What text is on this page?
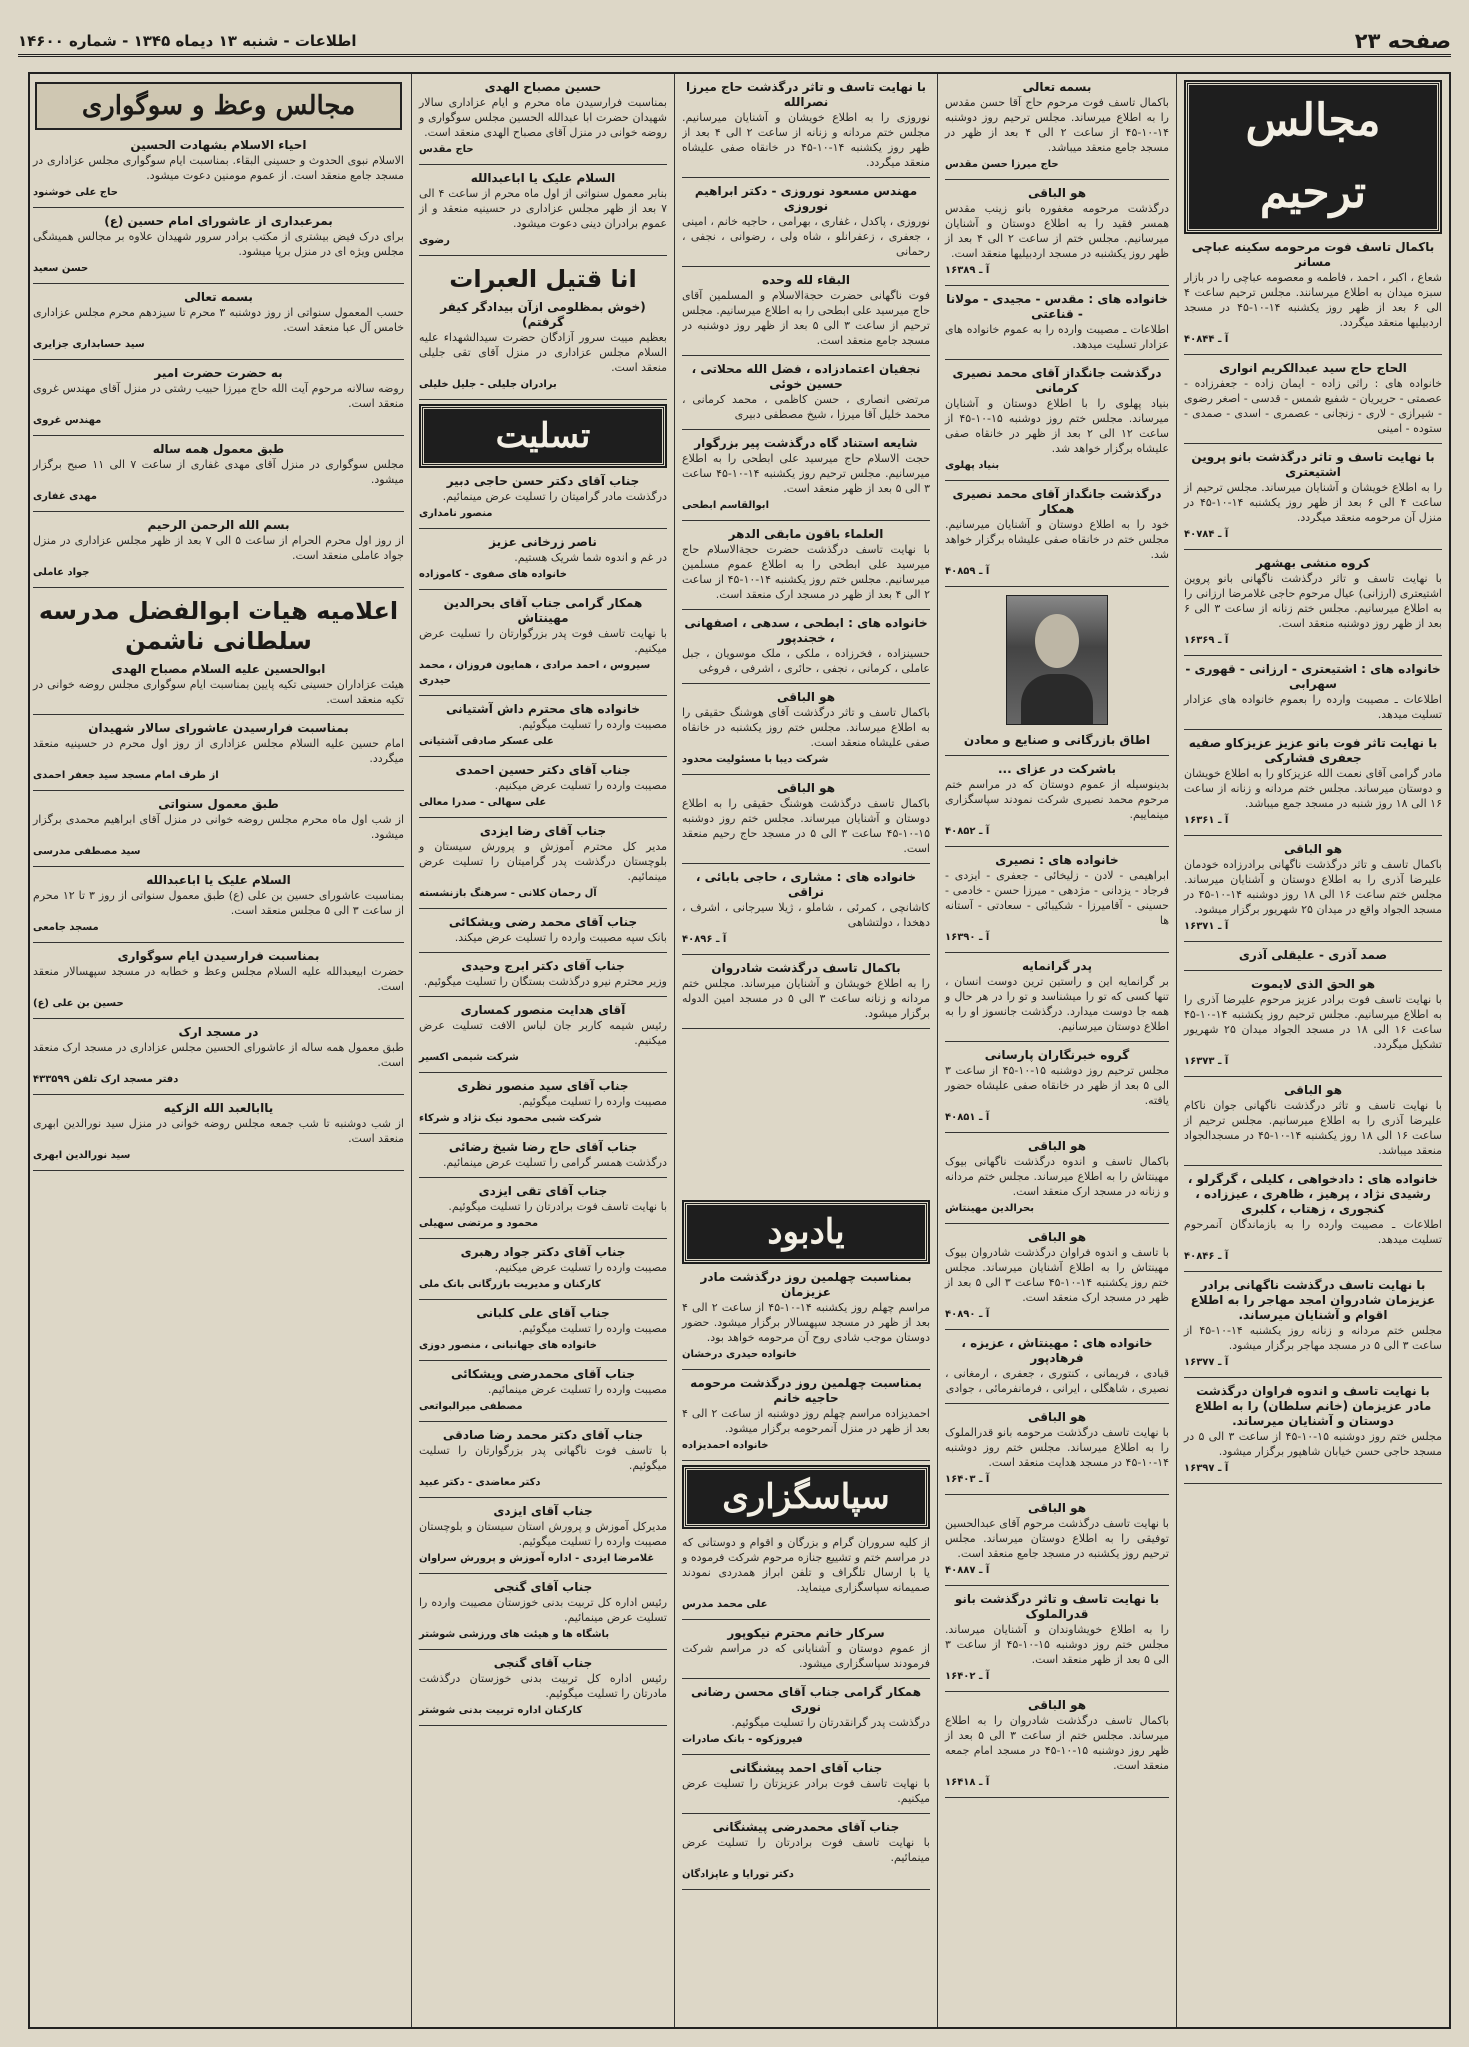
صفحه ۲۳
اطلاعات - شنبه ۱۳ دیماه ۱۳۴۵ - شماره ۱۴۶۰۰
مجالس ترحیم
باکمال تاسف فوت مرحومه سکینه عباچی مسانر
شعاع ، اکبر ، احمد ، فاطمه و معصومه عباچی را در بازار سبزه میدان به اطلاع میرسانند. مجلس ترحیم ساعت ۴ الی ۶ بعد از ظهر روز یکشنبه ۱۴-۱۰-۴۵ در مسجد اردبیلیها منعقد میگردد.
آ ـ ۴۰۸۴۴
الحاج حاج سید عبدالکریم انواری
خانواده های : راثی زاده - ایمان زاده - جعفرزاده - عصمتی - حریریان - شفیع شمس - قدسی - اصغر رضوی - شیرازی - لاری - زنجانی - عصمری - اسدی - صمدی - ستوده - امینی
با نهایت تاسف و تاثر درگذشت بانو پروین اشتیعتری
را به اطلاع خویشان و آشنایان میرساند. مجلس ترحیم از ساعت ۴ الی ۶ بعد از ظهر روز یکشنبه ۱۴-۱۰-۴۵ در منزل آن مرحومه منعقد میگردد.
آ ـ ۴۰۷۸۴
کروه منشی بهشهر
با نهایت تاسف و تاثر درگذشت ناگهانی بانو پروین اشتیعتری (ارزانی) عیال مرحوم حاجی غلامرضا ارزانی را به اطلاع میرسانیم. مجلس ختم زنانه از ساعت ۳ الی ۶ بعد از ظهر روز دوشنبه منعقد است.
آ ـ ۱۶۳۶۹
خانواده های : اشتیعتری - ارزانی - قهوری - سهرابی
اطلاعات ـ مصیبت وارده را بعموم خانواده های عزادار تسلیت میدهد.
با نهایت تاثر فوت بانو عزیز عزیزکاو صفیه جعفری فشارکی
مادر گرامی آقای نعمت الله عزیزکاو را به اطلاع خویشان و دوستان میرساند. مجلس ختم مردانه و زنانه از ساعت ۱۶ الی ۱۸ روز شنبه در مسجد جمع میباشد.
آ ـ ۱۶۳۶۱
هو الباقی
باکمال تاسف و تاثر درگذشت ناگهانی برادرزاده خودمان علیرضا آذری را به اطلاع دوستان و آشنایان میرساند. مجلس ختم ساعت ۱۶ الی ۱۸ روز دوشنبه ۱۴-۱۰-۴۵ در مسجد الجواد واقع در میدان ۲۵ شهریور برگزار میشود.
آ ـ ۱۶۳۷۱
صمد آذری - علیقلی آذری
هو الحق الذی لایموت
با نهایت تاسف فوت برادر عزیز مرحوم علیرضا آذری را به اطلاع میرسانیم. مجلس ترحیم روز یکشنبه ۱۴-۱۰-۴۵ ساعت ۱۶ الی ۱۸ در مسجد الجواد میدان ۲۵ شهریور تشکیل میگردد.
آ ـ ۱۶۳۷۳
هو الباقی
با نهایت تاسف و تاثر درگذشت ناگهانی جوان ناکام علیرضا آذری را به اطلاع میرسانیم. مجلس ترحیم از ساعت ۱۶ الی ۱۸ روز یکشنبه ۱۴-۱۰-۴۵ در مسجدالجواد منعقد میباشد.
خانواده های : دادخواهی ، کلیلی ، گرگرلو ، رشیدی نژاد ، پرهیز ، ظاهری ، عیززاده ، کنجوری ، زهتاب ، کلبری
اطلاعات ـ مصیبت وارده را به بازماندگان آنمرحوم تسلیت میدهد.
آ ـ ۴۰۸۴۶
با نهایت تاسف درگذشت ناگهانی برادر عزیزمان شادروان امجد مهاجر را به اطلاع اقوام و آشنایان میرساند.
مجلس ختم مردانه و زنانه روز یکشنبه ۱۴-۱۰-۴۵ از ساعت ۳ الی ۵ در مسجد مهاجر برگزار میشود.
آ ـ ۱۶۳۷۷
با نهایت تاسف و اندوه فراوان درگذشت مادر عزیزمان (خانم سلطان) را به اطلاع دوستان و آشنایان میرساند.
مجلس ختم روز دوشنبه ۱۵-۱۰-۴۵ از ساعت ۳ الی ۵ در مسجد حاجی حسن خیابان شاهپور برگزار میشود.
آ ـ ۱۶۳۹۷
بسمه تعالی
باکمال تاسف فوت مرحوم حاج آقا حسن مقدس را به اطلاع میرساند. مجلس ترحیم روز دوشنبه ۱۴-۱۰-۴۵ از ساعت ۲ الی ۴ بعد از ظهر در مسجد جامع منعقد میباشد.
حاج میرزا حسن مقدس
هو الباقی
درگذشت مرحومه مغفوره بانو زینب مقدس همسر فقید را به اطلاع دوستان و آشنایان میرسانیم. مجلس ختم از ساعت ۲ الی ۴ بعد از ظهر روز یکشنبه در مسجد اردبیلیها منعقد است.
آ ـ ۱۶۳۸۹
خانواده های : مقدس - مجیدی - مولانا - قناعتی
اطلاعات ـ مصیبت وارده را به عموم خانواده های عزادار تسلیت میدهد.
درگذشت جانگداز آقای محمد نصیری کرمانی
بنیاد پهلوی را با اطلاع دوستان و آشنایان میرساند. مجلس ختم روز دوشنبه ۱۵-۱۰-۴۵ از ساعت ۱۲ الی ۲ بعد از ظهر در خانقاه صفی علیشاه برگزار خواهد شد.
بنیاد پهلوی
درگذشت جانگداز آقای محمد نصیری همکار
خود را به اطلاع دوستان و آشنایان میرسانیم. مجلس ختم در خانقاه صفی علیشاه برگزار خواهد شد.
آ ـ ۴۰۸۵۹
اطاق بازرگانی و صنایع و معادن
باشرکت در عزای ...
بدینوسیله از عموم دوستان که در مراسم ختم مرحوم محمد نصیری شرکت نمودند سپاسگزاری مینماییم.
آ ـ ۴۰۸۵۲
خانواده های : نصیری
ابراهیمی - لادن - زلیخائی - جعفری - ایزدی - فرجاد - یزدانی - مژدهی - میرزا حسن - خادمی - حسینی - آقامیرزا - شکیبائی - سعادتی - آستانه ها
آ ـ ۱۶۳۹۰
پدر گرانمایه
بر گرانمایه این و راستین ترین دوست انسان ، تنها کسی که تو را میشناسد و تو را در هر حال و همه جا دوست میدارد. درگذشت جانسوز او را به اطلاع دوستان میرسانیم.
گروه خبرنگاران پارسانی
مجلس ترحیم روز دوشنبه ۱۵-۱۰-۴۵ از ساعت ۳ الی ۵ بعد از ظهر در خانقاه صفی علیشاه حضور یافته.
آ ـ ۴۰۸۵۱
هو الباقی
باکمال تاسف و اندوه درگذشت ناگهانی بیوک مهینتاش را به اطلاع میرساند. مجلس ختم مردانه و زنانه در مسجد ارک منعقد است.
بحرالدین مهینتاش
هو الباقی
با تاسف و اندوه فراوان درگذشت شادروان بیوک مهینتاش را به اطلاع آشنایان میرساند. مجلس ختم روز یکشنبه ۱۴-۱۰-۴۵ ساعت ۳ الی ۵ بعد از ظهر در مسجد ارک منعقد است.
آ ـ ۴۰۸۹۰
خانواده های : مهینتاش ، عزیزه ، فرهادپور
قبادی ، فریمانی ، کنتوری ، جعفری ، ارمغانی ، نصیری ، شاهگلی ، ایرانی ، فرمانفرمائی ، جوادی
هو الباقی
با نهایت تاسف درگذشت مرحومه بانو قدرالملوک را به اطلاع میرساند. مجلس ختم روز دوشنبه ۱۴-۱۰-۴۵ در مسجد هدایت منعقد است.
آ ـ ۱۶۴۰۳
هو الباقی
با نهایت تاسف درگذشت مرحوم آقای عبدالحسین توفیقی را به اطلاع دوستان میرساند. مجلس ترحیم روز یکشنبه در مسجد جامع منعقد است.
آ ـ ۴۰۸۸۷
با نهایت تاسف و تاثر درگذشت بانو قدرالملوک
را به اطلاع خویشاوندان و آشنایان میرساند. مجلس ختم روز دوشنبه ۱۵-۱۰-۴۵ از ساعت ۳ الی ۵ بعد از ظهر منعقد است.
آ ـ ۱۶۴۰۲
هو الباقی
باکمال تاسف درگذشت شادروان را به اطلاع میرساند. مجلس ختم از ساعت ۳ الی ۵ بعد از ظهر روز دوشنبه ۱۵-۱۰-۴۵ در مسجد امام جمعه منعقد است.
آ ـ ۱۶۴۱۸
با نهایت تاسف و تاثر درگذشت حاج میرزا نصرالله
نوروزی را به اطلاع خویشان و آشنایان میرسانیم. مجلس ختم مردانه و زنانه از ساعت ۲ الی ۴ بعد از ظهر روز یکشنبه ۱۴-۱۰-۴۵ در خانقاه صفی علیشاه منعقد میگردد.
مهندس مسعود نوروزی - دکتر ابراهیم نوروزی
نوروزی ، پاکدل ، غفاری ، بهرامی ، حاجیه خانم ، امینی ، جعفری ، زعفرانلو ، شاه ولی ، رضوانی ، نجفی ، رحمانی
البقاء لله وحده
فوت ناگهانی حضرت حجةالاسلام و المسلمین آقای حاج میرسید علی ابطحی را به اطلاع میرسانیم. مجلس ترحیم از ساعت ۳ الی ۵ بعد از ظهر روز دوشنبه در مسجد جامع منعقد است.
نجفیان اعتمادزاده ، فضل الله محلاتی ، حسین خوئی
مرتضی انصاری ، حسن کاظمی ، محمد کرمانی ، محمد خلیل آقا میرزا ، شیخ مصطفی دبیری
شایعه استناد گاه درگذشت پیر بزرگوار
حجت الاسلام حاج میرسید علی ابطحی را به اطلاع میرسانیم. مجلس ترحیم روز یکشنبه ۱۴-۱۰-۴۵ ساعت ۳ الی ۵ بعد از ظهر منعقد است.
ابوالقاسم ابطحی
العلماء باقون مابقی الدهر
با نهایت تاسف درگذشت حضرت حجةالاسلام حاج میرسید علی ابطحی را به اطلاع عموم مسلمین میرسانیم. مجلس ختم روز یکشنبه ۱۴-۱۰-۴۵ از ساعت ۲ الی ۴ بعد از ظهر در مسجد ارک منعقد است.
خانواده های : ابطحی ، سدهی ، اصفهانی ، خجندپور
حسینزاده ، فخرزاده ، ملکی ، ملک موسویان ، جبل عاملی ، کرمانی ، نجفی ، حائری ، اشرفی ، فروغی
هو الباقی
باکمال تاسف و تاثر درگذشت آقای هوشنگ حقیقی را به اطلاع میرساند. مجلس ختم روز یکشنبه در خانقاه صفی علیشاه منعقد است.
شرکت دیبا با مسئولیت محدود
هو الباقی
باکمال تاسف درگذشت هوشنگ حقیقی را به اطلاع دوستان و آشنایان میرساند. مجلس ختم روز دوشنبه ۱۵-۱۰-۴۵ ساعت ۳ الی ۵ در مسجد حاج رحیم منعقد است.
خانواده های : مشاری ، حاجی بابائی ، نراقی
کاشانچی ، کمرئی ، شاملو ، ژیلا سیرجانی ، اشرف ، دهخدا ، دولتشاهی
آ ـ ۴۰۸۹۶
باکمال تاسف درگذشت شادروان
را به اطلاع خویشان و آشنایان میرساند. مجلس ختم مردانه و زنانه ساعت ۳ الی ۵ در مسجد امین الدوله برگزار میشود.
یادبود
بمناسبت چهلمین روز درگذشت مادر عزیزمان
مراسم چهلم روز یکشنبه ۱۴-۱۰-۴۵ از ساعت ۲ الی ۴ بعد از ظهر در مسجد سپهسالار برگزار میشود. حضور دوستان موجب شادی روح آن مرحومه خواهد بود.
خانواده حیدری درخشان
بمناسبت چهلمین روز درگذشت مرحومه حاجیه خانم
احمدیزاده مراسم چهلم روز دوشنبه از ساعت ۲ الی ۴ بعد از ظهر در منزل آنمرحومه برگزار میشود.
خانواده احمدیزاده
سپاسگزاری
از کلیه سروران گرام و بزرگان و اقوام و دوستانی که در مراسم ختم و تشییع جنازه مرحوم شرکت فرموده و یا با ارسال تلگراف و تلفن ابراز همدردی نمودند صمیمانه سپاسگزاری مینماید.
علی محمد مدرس
سرکار خانم محترم نیکوپور
از عموم دوستان و آشنایانی که در مراسم شرکت فرمودند سپاسگزاری میشود.
همکار گرامی جناب آقای محسن رضانی نوری
درگذشت پدر گرانقدرتان را تسلیت میگوئیم.
فیروزکوه - بانک صادرات
جناب آقای احمد پیشنگانی
با نهایت تاسف فوت برادر عزیزتان را تسلیت عرض میکنیم.
جناب آقای محمدرضی پیشنگانی
با نهایت تاسف فوت برادرتان را تسلیت عرض مینمائیم.
دکتر تورایا و عاپزادگان
حسین مصباح الهدی
بمناسبت فرارسیدن ماه محرم و ایام عزاداری سالار شهیدان حضرت ابا عبدالله الحسین مجلس سوگواری و روضه خوانی در منزل آقای مصباح الهدی منعقد است.
حاج مقدس
السلام علیک یا اباعبدالله
بنابر معمول سنواتی از اول ماه محرم از ساعت ۴ الی ۷ بعد از ظهر مجلس عزاداری در حسینیه منعقد و از عموم برادران دینی دعوت میشود.
رضوی
انا قتیل العبرات
(خوش بمظلومی ازآن بیدادگر کیفر گرفتم)
بعظیم مییت سرور آزادگان حضرت سیدالشهداء علیه السلام مجلس عزاداری در منزل آقای تقی جلیلی منعقد است.
برادران جلیلی - جلیل خلیلی
تسلیت
جناب آقای دکتر حسن حاجی دبیر
درگذشت مادر گرامیتان را تسلیت عرض مینمائیم.
منصور نامداری
ناصر زرخانی عزیز
در غم و اندوه شما شریک هستیم.
خانواده های صفوی - کاموزاده
همکار گرامی جناب آقای بحرالدین مهینتاش
با نهایت تاسف فوت پدر بزرگوارتان را تسلیت عرض میکنیم.
سیروس ، احمد مرادی ، همایون فروزان ، محمد حیدری
خانواده های محترم داش آشتیانی
مصیبت وارده را تسلیت میگوئیم.
علی عسکر صادقی آشتیانی
جناب آقای دکتر حسین احمدی
مصیبت وارده را تسلیت عرض میکنیم.
علی سهالی - صدرا معالی
جناب آقای رضا ایزدی
مدیر کل محترم آموزش و پرورش سیستان و بلوچستان درگذشت پدر گرامیتان را تسلیت عرض مینمائیم.
آل رحمان کلانی - سرهنگ بازنشسته
جناب آقای محمد رضی ویشکائی
بانک سپه مصیبت وارده را تسلیت عرض میکند.
جناب آقای دکتر ابرج وحیدی
وزیر محترم نیرو درگذشت بستگان را تسلیت میگوئیم.
آقای هدایت منصور کمساری
رئیس شیمه کاربر جان لباس الافت تسلیت عرض میکنیم.
شرکت شیمی اکسیر
جناب آقای سید منصور نظری
مصیبت وارده را تسلیت میگوئیم.
شرکت شبی محمود نیک نژاد و شرکاء
جناب آقای حاج رضا شیخ رضائی
درگذشت همسر گرامی را تسلیت عرض مینمائیم.
جناب آقای تقی ایزدی
با نهایت تاسف فوت برادرتان را تسلیت میگوئیم.
محمود و مرتضی سهیلی
جناب آقای دکتر جواد رهبری
مصیبت وارده را تسلیت عرض میکنیم.
کارکنان و مدیریت بازرگانی بانک ملی
جناب آقای علی کلبانی
مصیبت وارده را تسلیت میگوئیم.
خانواده های جهانبانی ، منصور دوزی
جناب آقای محمدرضی ویشکائی
مصیبت وارده را تسلیت عرض مینمائیم.
مصطفی میرالبواتعی
جناب آقای دکتر محمد رضا صادقی
با تاسف فوت ناگهانی پدر بزرگوارتان را تسلیت میگوئیم.
دکتر معاضدی - دکتر عبید
جناب آقای ایزدی
مدیرکل آموزش و پرورش استان سیستان و بلوچستان مصیبت وارده را تسلیت میگوئیم.
غلامرضا ایزدی - اداره آموزش و پرورش سراوان
جناب آقای گنجی
رئیس اداره کل تربیت بدنی خوزستان مصیبت وارده را تسلیت عرض مینمائیم.
باشگاه ها و هیئت های ورزشی شوشتر
جناب آقای گنجی
رئیس اداره کل تربیت بدنی خوزستان درگذشت مادرتان را تسلیت میگوئیم.
کارکنان اداره تربیت بدنی شوشتر
مجالس وعظ و سوگواری
احیاء الاسلام بشهادت الحسین
الاسلام نبوی الحدوث و حسینی البقاء. بمناسبت ایام سوگواری مجلس عزاداری در مسجد جامع منعقد است. از عموم مومنین دعوت میشود.
حاج علی خوشنود
بمرعبداری از عاشورای امام حسین (ع)
برای درک فیض بیشتری از مکتب برادر سرور شهیدان علاوه بر مجالس همیشگی مجلس ویژه ای در منزل برپا میشود.
حسن سعید
بسمه تعالی
حسب المعمول سنواتی از روز دوشنبه ۳ محرم تا سیزدهم محرم مجلس عزاداری خامس آل عبا منعقد است.
سید حسابداری جزایری
به حضرت حضرت امیر
روضه سالانه مرحوم آیت الله حاج میرزا حبیب رشتی در منزل آقای مهندس غروی منعقد است.
مهندس غروی
طبق معمول همه ساله
مجلس سوگواری در منزل آقای مهدی غفاری از ساعت ۷ الی ۱۱ صبح برگزار میشود.
مهدی غفاری
بسم الله الرحمن الرحیم
از روز اول محرم الحرام از ساعت ۵ الی ۷ بعد از ظهر مجلس عزاداری در منزل جواد عاملی منعقد است.
جواد عاملی
اعلامیه هیات ابوالفضل مدرسه سلطانی ناشمن
ابوالحسین علیه السلام مصباح الهدی
هیئت عزاداران حسینی تکیه پایین بمناسبت ایام سوگواری مجلس روضه خوانی در تکیه منعقد است.
بمناسبت فرارسیدن عاشورای سالار شهیدان
امام حسین علیه السلام مجلس عزاداری از روز اول محرم در حسینیه منعقد میگردد.
از طرف امام مسجد سید جعفر احمدی
طبق معمول سنواتی
از شب اول ماه محرم مجلس روضه خوانی در منزل آقای ابراهیم محمدی برگزار میشود.
سید مصطفی مدرسی
السلام علیک یا اباعبدالله
بمناسبت عاشورای حسین بن علی (ع) طبق معمول سنواتی از روز ۳ تا ۱۲ محرم از ساعت ۳ الی ۵ مجلس منعقد است.
مسجد جامعی
بمناسبت فرارسیدن ایام سوگواری
حضرت ابیعبدالله علیه السلام مجلس وعظ و خطابه در مسجد سپهسالار منعقد است.
حسین بن علی (ع)
در مسجد ارک
طبق معمول همه ساله از عاشورای الحسین مجلس عزاداری در مسجد ارک منعقد است.
دفتر مسجد ارک تلفن ۴۳۳۵۹۹
یاابالعبد الله الزکیه
از شب دوشنبه تا شب جمعه مجلس روضه خوانی در منزل سید نورالدین ابهری منعقد است.
سید نورالدین ابهری
